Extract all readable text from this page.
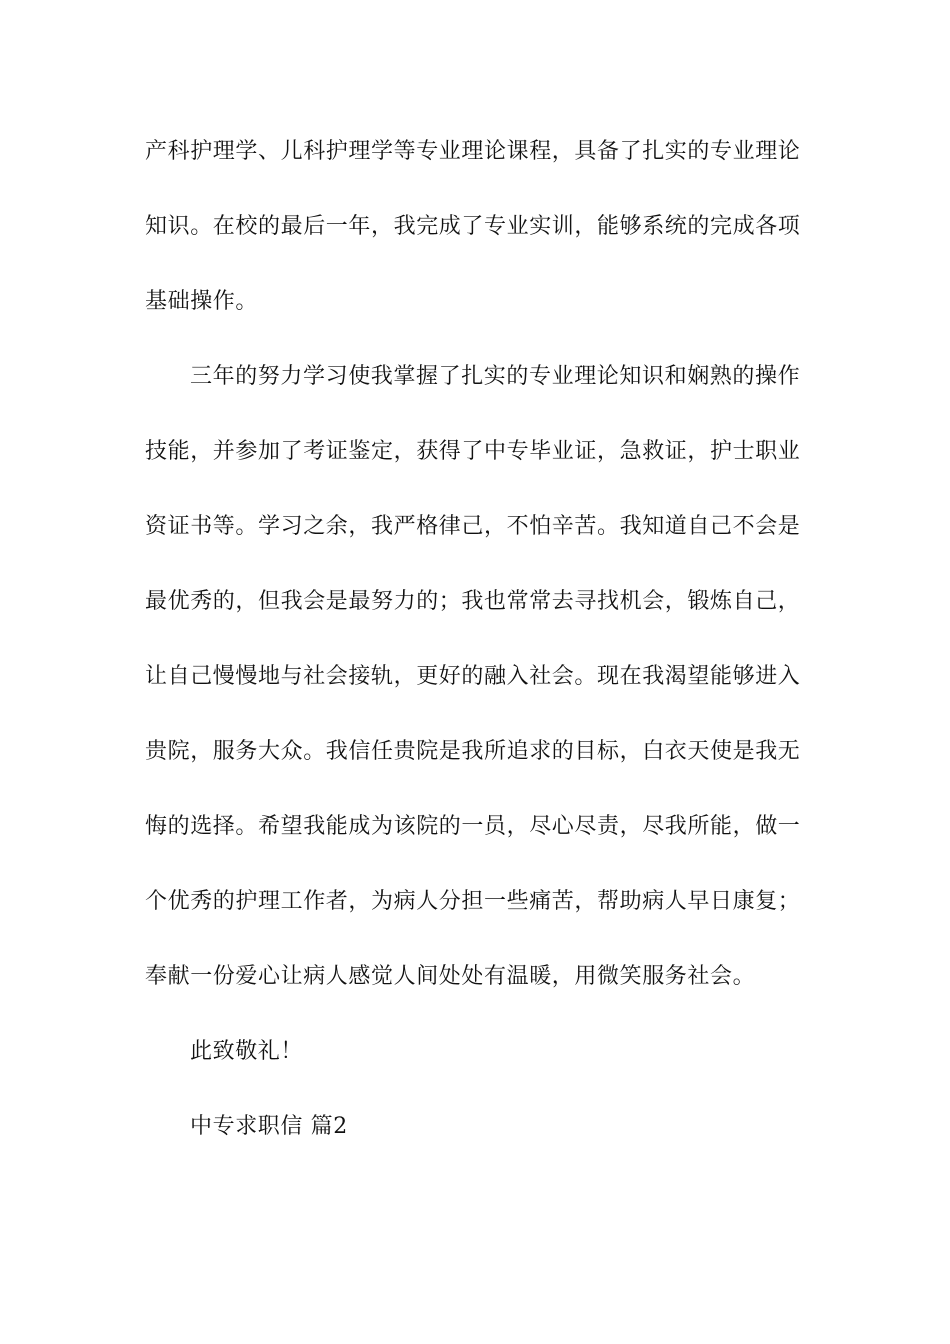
产科护理学、儿科护理学等专业理论课程，具备了扎实的专业理论
知识。在校的最后一年，我完成了专业实训，能够系统的完成各项
基础操作。
三年的努力学习使我掌握了扎实的专业理论知识和娴熟的操作
技能，并参加了考证鉴定，获得了中专毕业证，急救证，护士职业
资证书等。学习之余，我严格律己，不怕辛苦。我知道自己不会是
最优秀的，但我会是最努力的；我也常常去寻找机会，锻炼自己，
让自己慢慢地与社会接轨，更好的融入社会。现在我渴望能够进入
贵院，服务大众。我信任贵院是我所追求的目标，白衣天使是我无
悔的选择。希望我能成为该院的一员，尽心尽责，尽我所能，做一
个优秀的护理工作者，为病人分担一些痛苦，帮助病人早日康复；
奉献一份爱心让病人感觉人间处处有温暖，用微笑服务社会。
此致敬礼！
中专求职信 篇2
